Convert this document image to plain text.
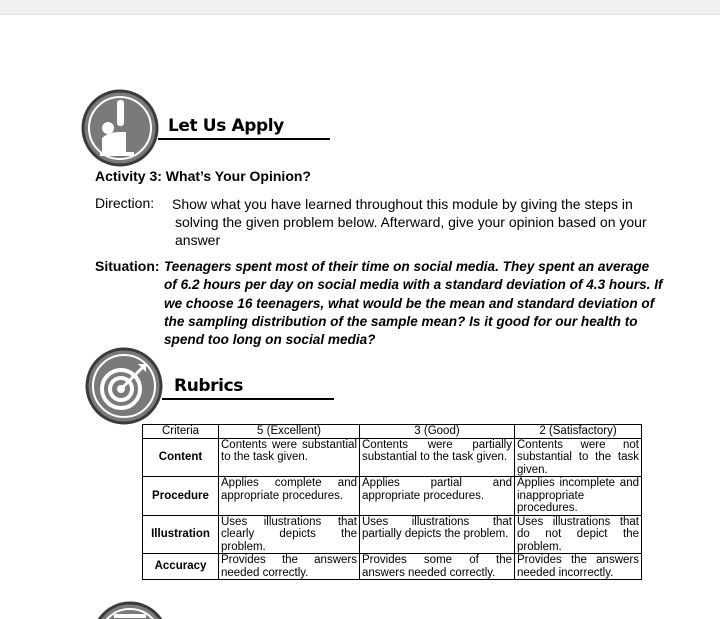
Let Us Apply
Activity 3: What’s Your Opinion?
Direction: Show what you have learned throughout this module by giving the steps in
solving the given problem below. Afterward, give your opinion based on your answer
Situation: Teenagers spent most of their time on social media. They spent an average of 6.2 hours per day on social media with a standard deviation of 4.3 hours. If we choose 16 teenagers, what would be the mean and standard deviation of the sampling distribution of the sample mean? Is it good for our health to spend too long on social media?
Rubrics
Criteria	5 (Excellent)	3 (Good)	2 (Satisfactory)
Content	Contents were substantial to the task given.	Contents were partially substantial to the task given.	Contents were not substantial to the task given.
Procedure	Applies complete and appropriate procedures.	Applies partial and appropriate procedures.	Applies incomplete and inappropriate procedures.
Illustration	Uses illustrations that clearly depicts the problem.	Uses illustrations that partially depicts the problem.	Uses illustrations that do not depict the problem.
Accuracy	Provides the answers needed correctly.	Provides some of the answers needed correctly.	Provides the answers needed incorrectly.
